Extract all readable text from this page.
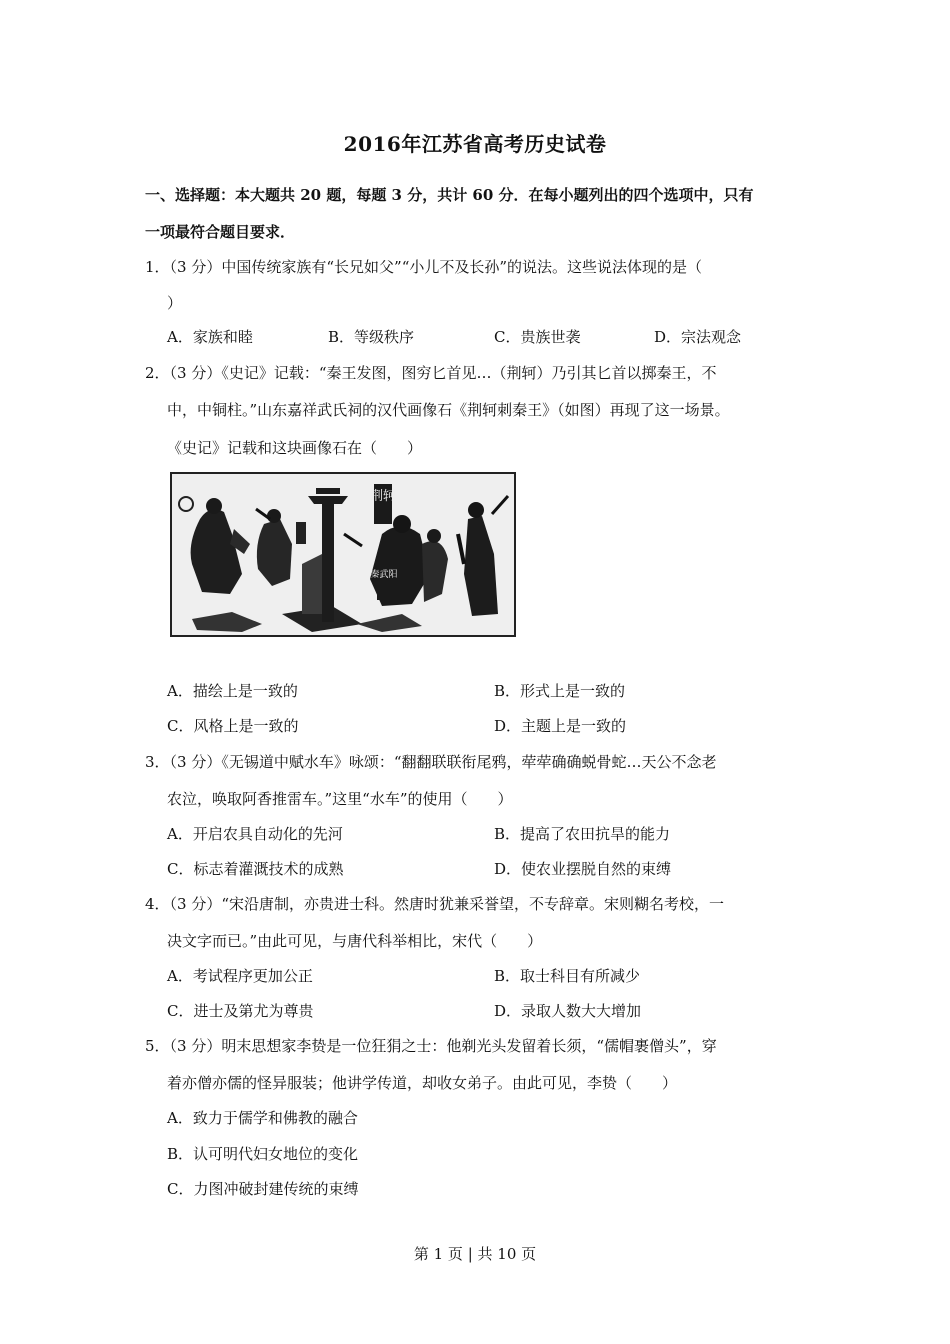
2016年江苏省高考历史试卷
一、选择题：本大题共 20 题，每题 3 分，共计 60 分．在每小题列出的四个选项中，只有
一项最符合题目要求．
1．（3 分）中国传统家族有“长兄如父”“小儿不及长孙”的说法。这些说法体现的是（
）
A．家族和睦	B．等级秩序	C．贵族世袭	D．宗法观念
2．（3 分）《史记》记载：“秦王发图，图穷匕首见…（荆轲）乃引其匕首以掷秦王，不
中，中铜柱。”山东嘉祥武氏祠的汉代画像石《荆轲刺秦王》（如图）再现了这一场景。
《史记》记载和这块画像石在（　　）
荆轲
秦武阳
A．描绘上是一致的	B．形式上是一致的
C．风格上是一致的	D．主题上是一致的
3．（3 分）《无锡道中赋水车》咏颂：“翻翻联联衔尾鸦，荦荦确确蜕骨蛇…天公不念老
农泣，唤取阿香推雷车。”这里“水车”的使用（　　）
A．开启农具自动化的先河	B．提高了农田抗旱的能力
C．标志着灌溉技术的成熟	D．使农业摆脱自然的束缚
4．（3 分）“宋沿唐制，亦贵进士科。然唐时犹兼采誉望，不专辞章。宋则糊名考校，一
决文字而已。”由此可见，与唐代科举相比，宋代（　　）
A．考试程序更加公正	B．取士科目有所减少
C．进士及第尤为尊贵	D．录取人数大大增加
5．（3 分）明末思想家李贽是一位狂狷之士：他剃光头发留着长须，“儒帽裹僧头”，穿
着亦僧亦儒的怪异服装；他讲学传道，却收女弟子。由此可见，李贽（　　）
A．致力于儒学和佛教的融合
B．认可明代妇女地位的变化
C．力图冲破封建传统的束缚
第 1 页 | 共 10 页
